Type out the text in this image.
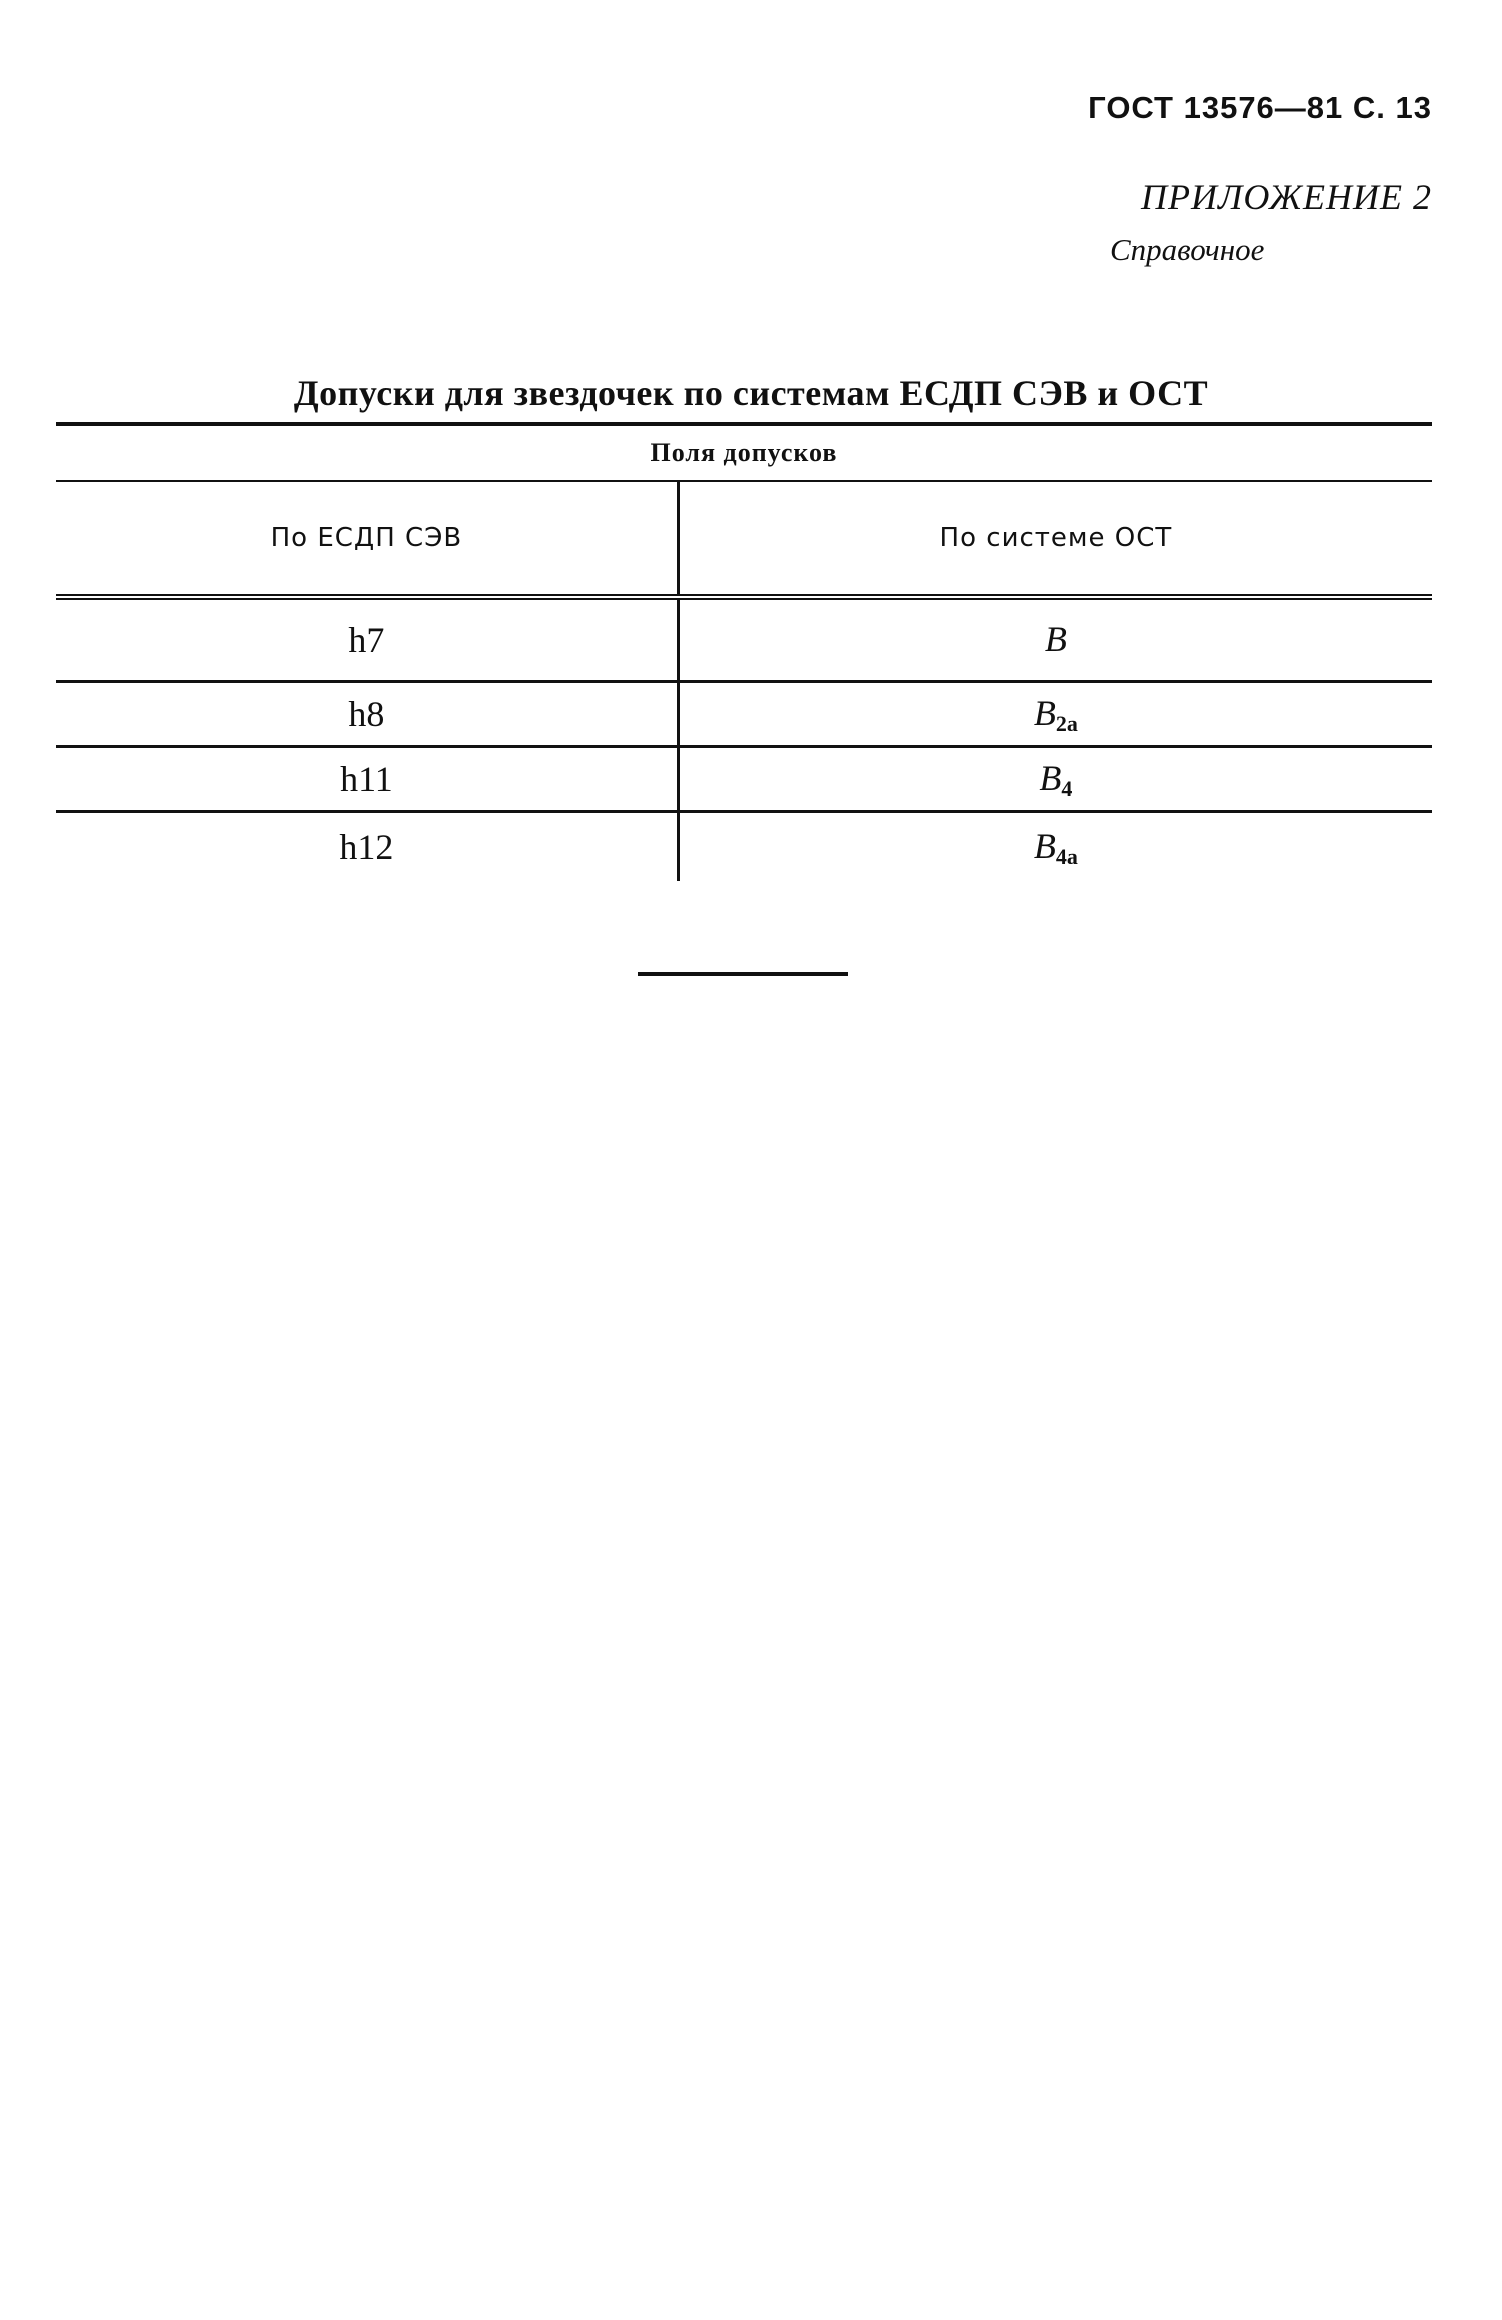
ГОСТ 13576—81 С. 13
ПРИЛОЖЕНИЕ 2
Справочное
Допуски для звездочек по системам ЕСДП СЭВ и ОСТ
Поля допусков	
По ЕСДП СЭВ	По системе ОСТ
h7	B
h8	$B_{2a}$
h11	$B_4$
h12	$B_{4a}$
